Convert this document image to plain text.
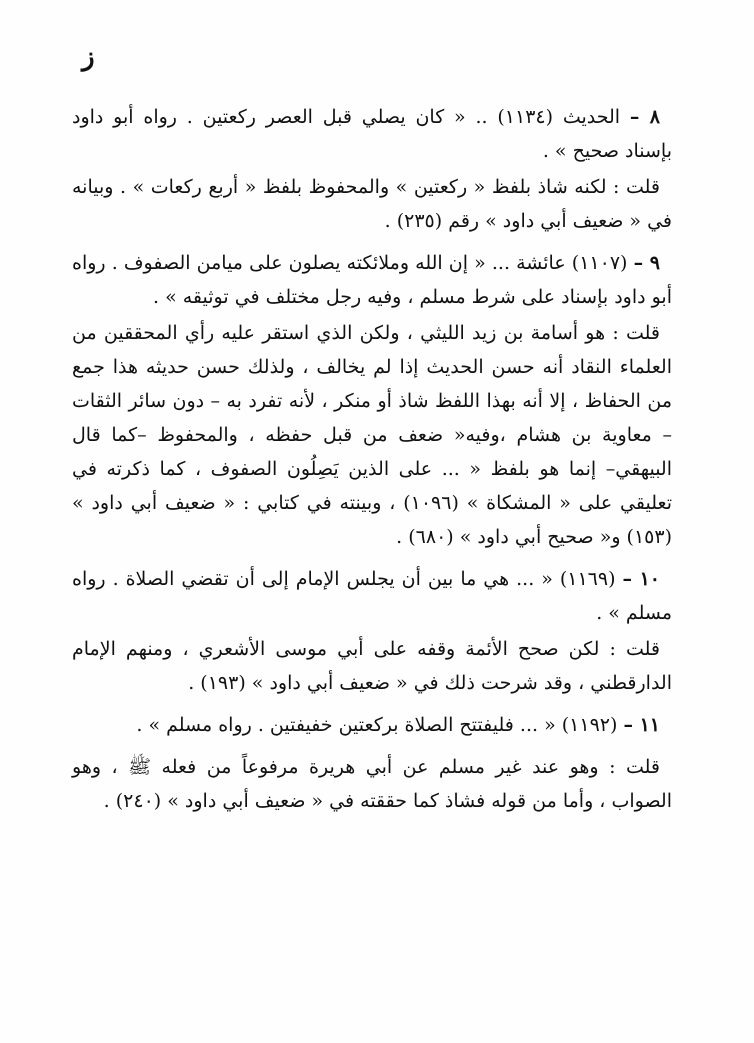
ز

٨ – الحديث (١١٣٤) .. « كان يصلي قبل العصر ركعتين . رواه أبو داود بإسناد صحيح » .

قلت : لكنه شاذ بلفظ « ركعتين » والمحفوظ بلفظ « أربع ركعات » . وبيانه في « ضعيف أبي داود » رقم (٢٣٥) .

٩ – (١١٠٧) عائشة ... « إن الله وملائكته يصلون على ميامن الصفوف . رواه أبو داود بإسناد على شرط مسلم ، وفيه رجل مختلف في توثيقه » .

قلت : هو أسامة بن زيد الليثي ، ولكن الذي استقر عليه رأي المحققين من العلماء النقاد أنه حسن الحديث إذا لم يخالف ، ولذلك حسن حديثه هذا جمع من الحفاظ ، إلا أنه بهذا اللفظ شاذ أو منكر ، لأنه تفرد به – دون سائر الثقات – معاوية بن هشام ،وفيه« ضعف من قبل حفظه ، والمحفوظ –كما قال البيهقي– إنما هو بلفظ « ... على الذين يَصِلُون الصفوف ، كما ذكرته في تعليقي على « المشكاة » (١٠٩٦) ، وبينته في كتابي : « ضعيف أبي داود » (١٥٣) و« صحيح أبي داود » (٦٨٠) .

١٠ – (١١٦٩) « ... هي ما بين أن يجلس الإمام إلى أن تقضي الصلاة . رواه مسلم » .

قلت : لكن صحح الأئمة وقفه على أبي موسى الأشعري ، ومنهم الإمام الدارقطني ، وقد شرحت ذلك في « ضعيف أبي داود » (١٩٣) .

١١ – (١١٩٢) « ... فليفتتح الصلاة بركعتين خفيفتين . رواه مسلم » .

قلت : وهو عند غير مسلم عن أبي هريرة مرفوعاً من فعله ﷺ ، وهو الصواب ، وأما من قوله فشاذ كما حققته في « ضعيف أبي داود » (٢٤٠) .
